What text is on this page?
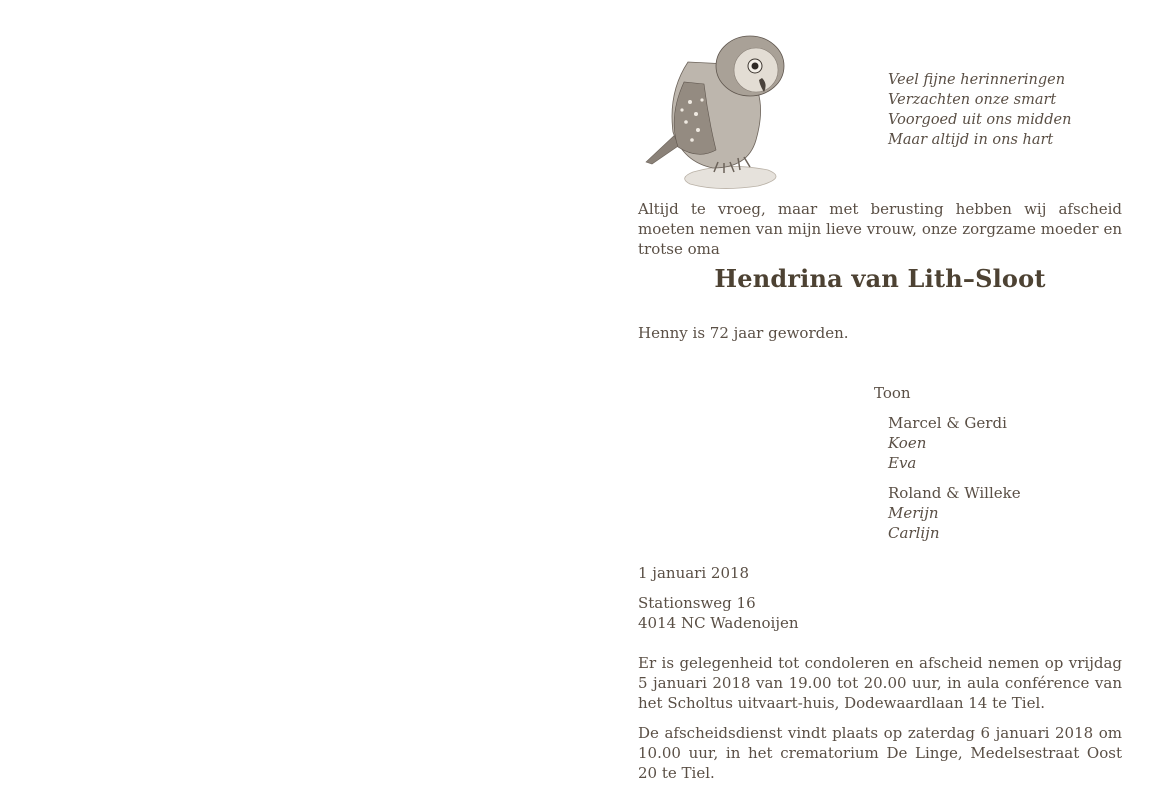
Veel fijne herinneringen
Verzachten onze smart
Voorgoed uit ons midden
Maar altijd in ons hart
Altijd te vroeg, maar met berusting hebben wij afscheid moeten nemen van mijn lieve vrouw, onze zorgzame moeder en trotse oma
Hendrina van Lith–Sloot
Henny is 72 jaar geworden.
Toon
Marcel & Gerdi
Koen
Eva
Roland & Willeke
Merijn
Carlijn
1 januari 2018
Stationsweg 16
4014 NC Wadenoijen
Er is gelegenheid tot condoleren en afscheid nemen op vrijdag 5 januari 2018 van 19.00 tot 20.00 uur, in aula conférence van het Scholtus uitvaart-huis, Dodewaardlaan 14 te Tiel.
De afscheidsdienst vindt plaats op zaterdag 6 januari 2018 om 10.00 uur, in het crematorium De Linge, Medelsestraat Oost 20 te Tiel.
